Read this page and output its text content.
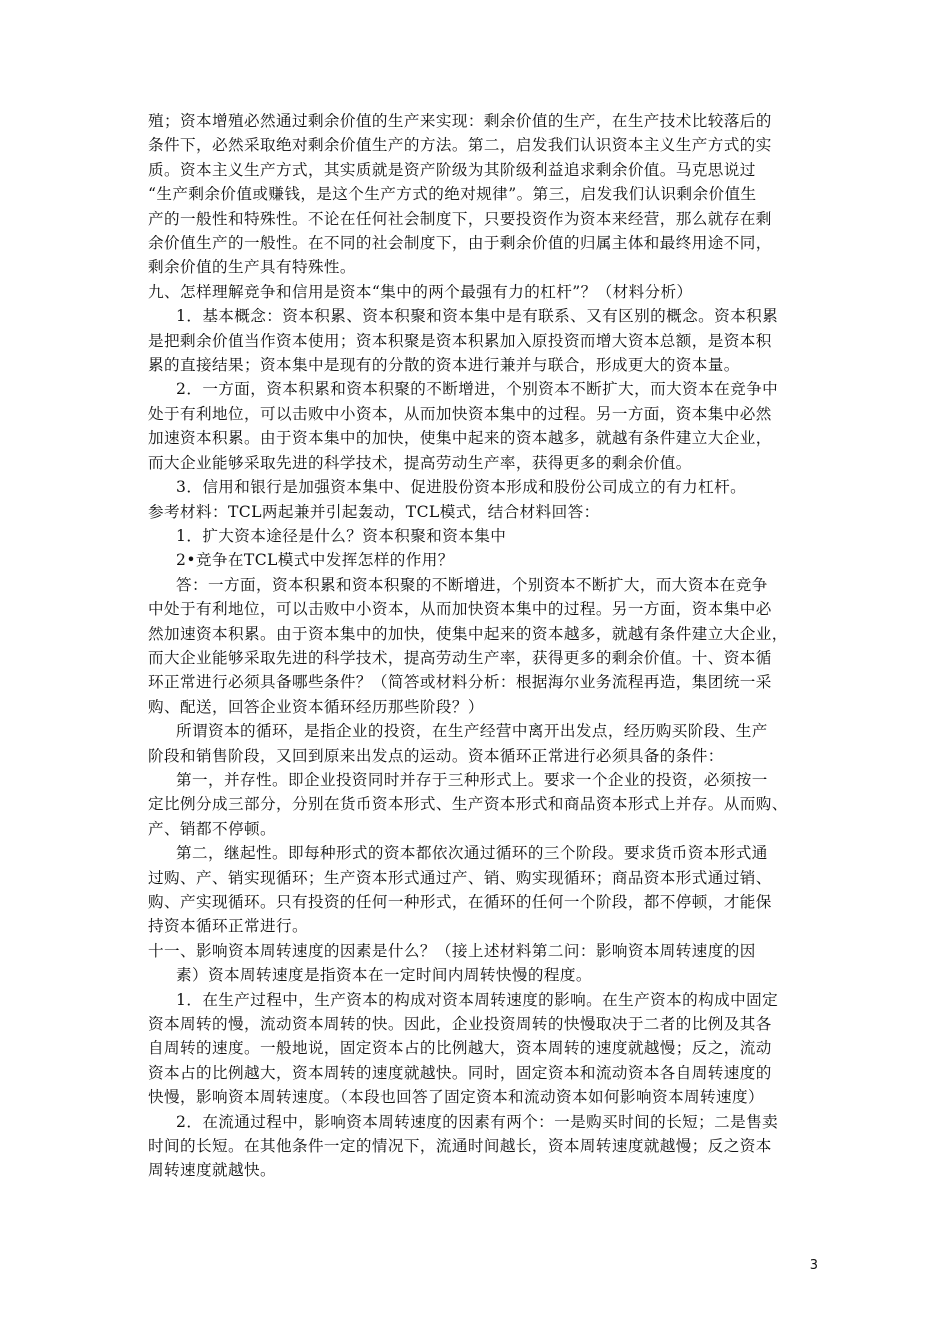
殖；资本增殖必然通过剩余价值的生产来实现：剩余价值的生产，在生产技术比较落后的
条件下，必然采取绝对剩余价值生产的方法。第二，启发我们认识资本主义生产方式的实
质。资本主义生产方式，其实质就是资产阶级为其阶级利益追求剩余价值。马克思说过
“生产剩余价值或赚钱，是这个生产方式的绝对规律”。第三，启发我们认识剩余价值生
产的一般性和特殊性。不论在任何社会制度下，只要投资作为资本来经营，那么就存在剩
余价值生产的一般性。在不同的社会制度下，由于剩余价值的归属主体和最终用途不同，
剩余价值的生产具有特殊性。
九、怎样理解竞争和信用是资本“集中的两个最强有力的杠杆”？（材料分析）
1．基本概念：资本积累、资本积聚和资本集中是有联系、又有区别的概念。资本积累
是把剩余价值当作资本使用；资本积聚是资本积累加入原投资而增大资本总额，是资本积
累的直接结果；资本集中是现有的分散的资本进行兼并与联合，形成更大的资本量。
2．一方面，资本积累和资本积聚的不断增进，个别资本不断扩大，而大资本在竞争中
处于有利地位，可以击败中小资本，从而加快资本集中的过程。另一方面，资本集中必然
加速资本积累。由于资本集中的加快，使集中起来的资本越多，就越有条件建立大企业，
而大企业能够采取先进的科学技术，提高劳动生产率，获得更多的剩余价值。
3．信用和银行是加强资本集中、促进股份资本形成和股份公司成立的有力杠杆。
参考材料：TCL两起兼并引起轰动，TCL模式，结合材料回答：
1．扩大资本途径是什么？资本积聚和资本集中
2•竞争在TCL模式中发挥怎样的作用？
答：一方面，资本积累和资本积聚的不断增进，个别资本不断扩大，而大资本在竞争
中处于有利地位，可以击败中小资本，从而加快资本集中的过程。另一方面，资本集中必
然加速资本积累。由于资本集中的加快，使集中起来的资本越多，就越有条件建立大企业，
而大企业能够采取先进的科学技术，提高劳动生产率，获得更多的剩余价值。十、资本循
环正常进行必须具备哪些条件？（简答或材料分析：根据海尔业务流程再造，集团统一采
购、配送，回答企业资本循环经历那些阶段？）
所谓资本的循环，是指企业的投资，在生产经营中离开出发点，经历购买阶段、生产
阶段和销售阶段，又回到原来出发点的运动。资本循环正常进行必须具备的条件：
第一，并存性。即企业投资同时并存于三种形式上。要求一个企业的投资，必须按一
定比例分成三部分，分别在货币资本形式、生产资本形式和商品资本形式上并存。从而购、
产、销都不停顿。
第二，继起性。即每种形式的资本都依次通过循环的三个阶段。要求货币资本形式通
过购、产、销实现循环；生产资本形式通过产、销、购实现循环；商品资本形式通过销、
购、产实现循环。只有投资的任何一种形式，在循环的任何一个阶段，都不停顿，才能保
持资本循环正常进行。
十一、影响资本周转速度的因素是什么？（接上述材料第二问：影响资本周转速度的因
素）资本周转速度是指资本在一定时间内周转快慢的程度。
1．在生产过程中，生产资本的构成对资本周转速度的影响。在生产资本的构成中固定
资本周转的慢，流动资本周转的快。因此，企业投资周转的快慢取决于二者的比例及其各
自周转的速度。一般地说，固定资本占的比例越大，资本周转的速度就越慢；反之，流动
资本占的比例越大，资本周转的速度就越快。同时，固定资本和流动资本各自周转速度的
快慢，影响资本周转速度。（本段也回答了固定资本和流动资本如何影响资本周转速度）
2．在流通过程中，影响资本周转速度的因素有两个：一是购买时间的长短；二是售卖
时间的长短。在其他条件一定的情况下，流通时间越长，资本周转速度就越慢；反之资本
周转速度就越快。
3
